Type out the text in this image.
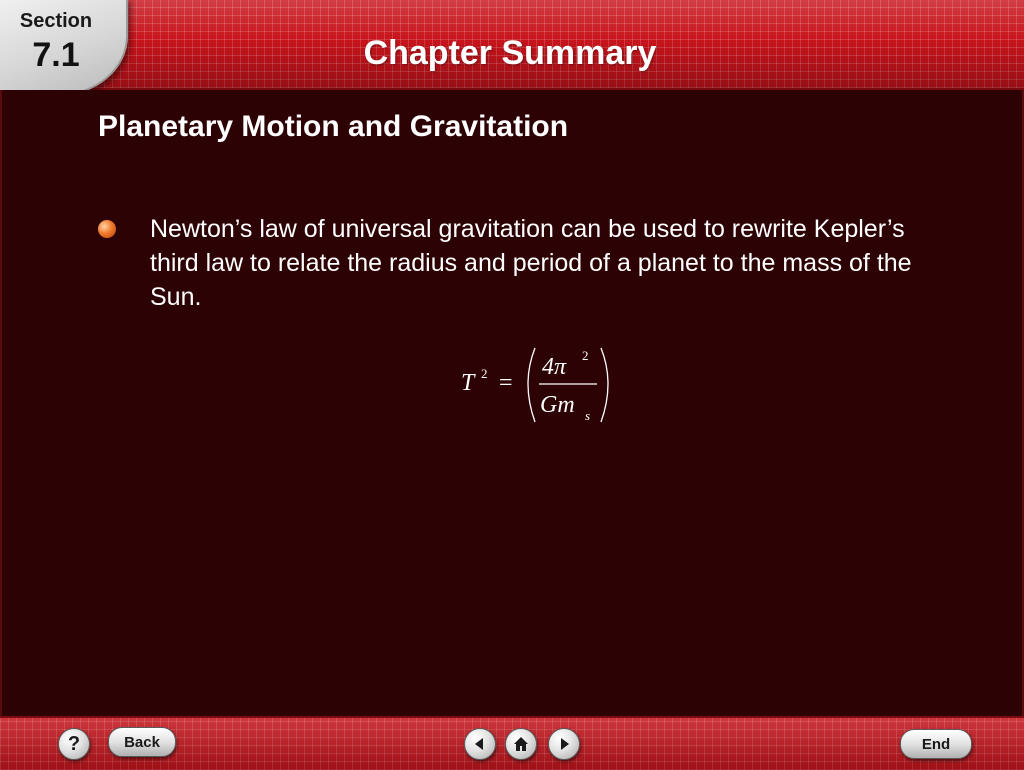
Section
7.1	Chapter Summary
Planetary Motion and Gravitation
Newton’s law of universal gravitation can be used to rewrite Kepler’s third law to relate the radius and period of a planet to the mass of the Sun.
T 2 =
4π 2
Gm s
?	Back	End
